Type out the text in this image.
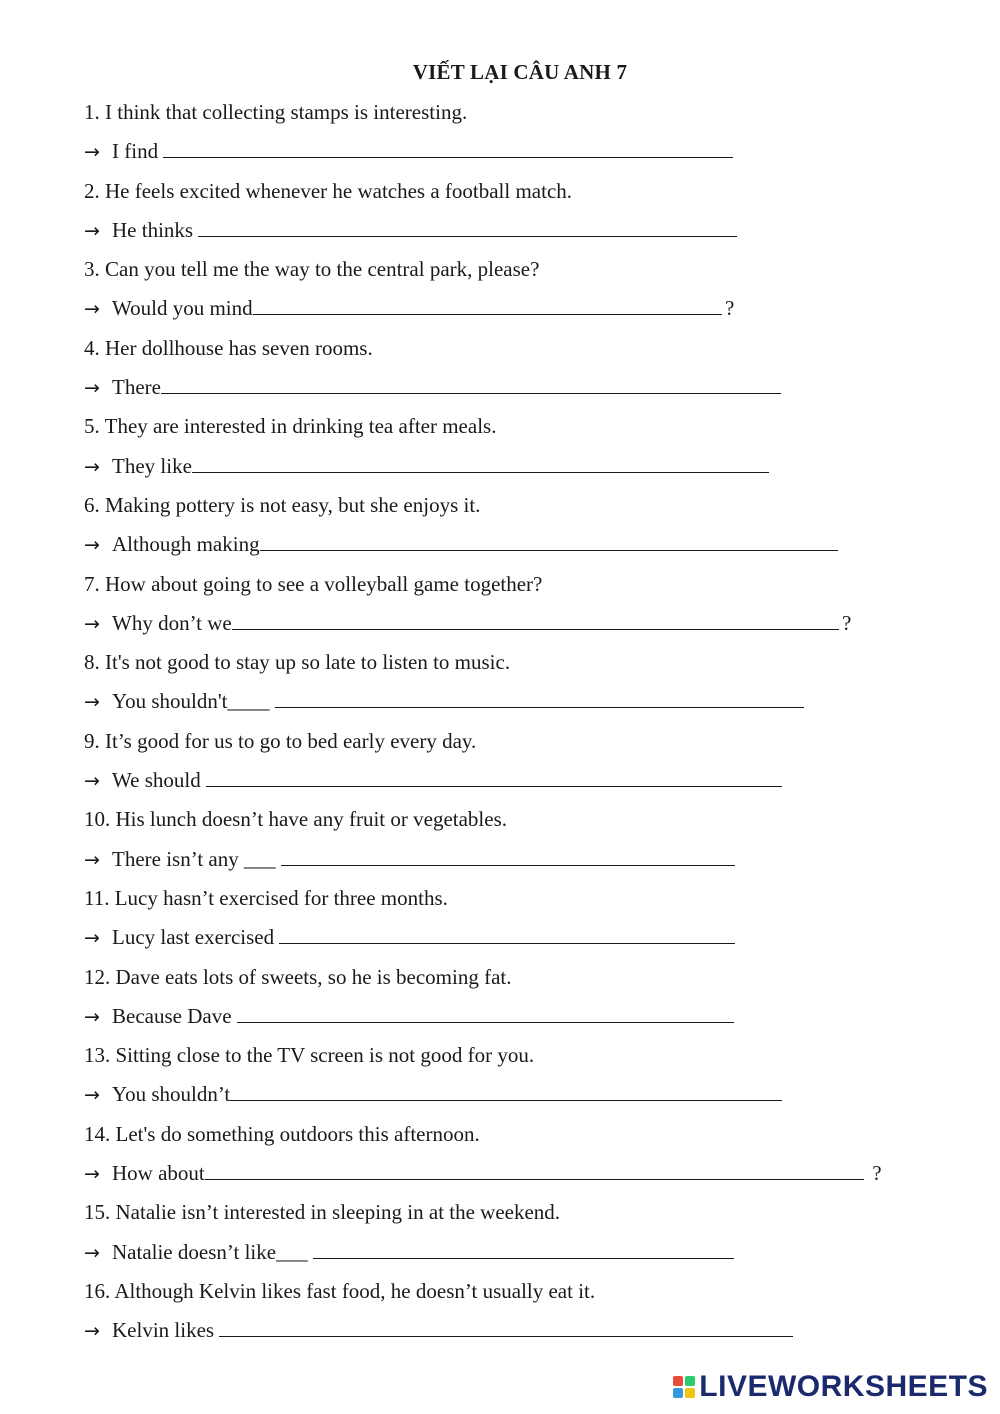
VIẾT LẠI CÂU ANH 7
1. I think that collecting stamps is interesting.
→ I find
2. He feels excited whenever he watches a football match.
→ He thinks
3. Can you tell me the way to the central park, please?
→ Would you mind	?
4. Her dollhouse has seven rooms.
→ There
5. They are interested in drinking tea after meals.
→ They like
6. Making pottery is not easy, but she enjoys it.
→ Although making
7. How about going to see a volleyball game together?
→ Why don’t we	?
8. It's not good to stay up so late to listen to music.
→ You shouldn't____
9. It’s good for us to go to bed early every day.
→ We should
10. His lunch doesn’t have any fruit or vegetables.
→ There isn’t any ___
11. Lucy hasn’t exercised for three months.
→ Lucy last exercised
12. Dave eats lots of sweets, so he is becoming fat.
→ Because Dave
13. Sitting close to the TV screen is not good for you.
→ You shouldn’t
14. Let's do something outdoors this afternoon.
→ How about	?
15. Natalie isn’t interested in sleeping in at the weekend.
→ Natalie doesn’t like___
16. Although Kelvin likes fast food, he doesn’t usually eat it.
→ Kelvin likes
LIVEWORKSHEETS
